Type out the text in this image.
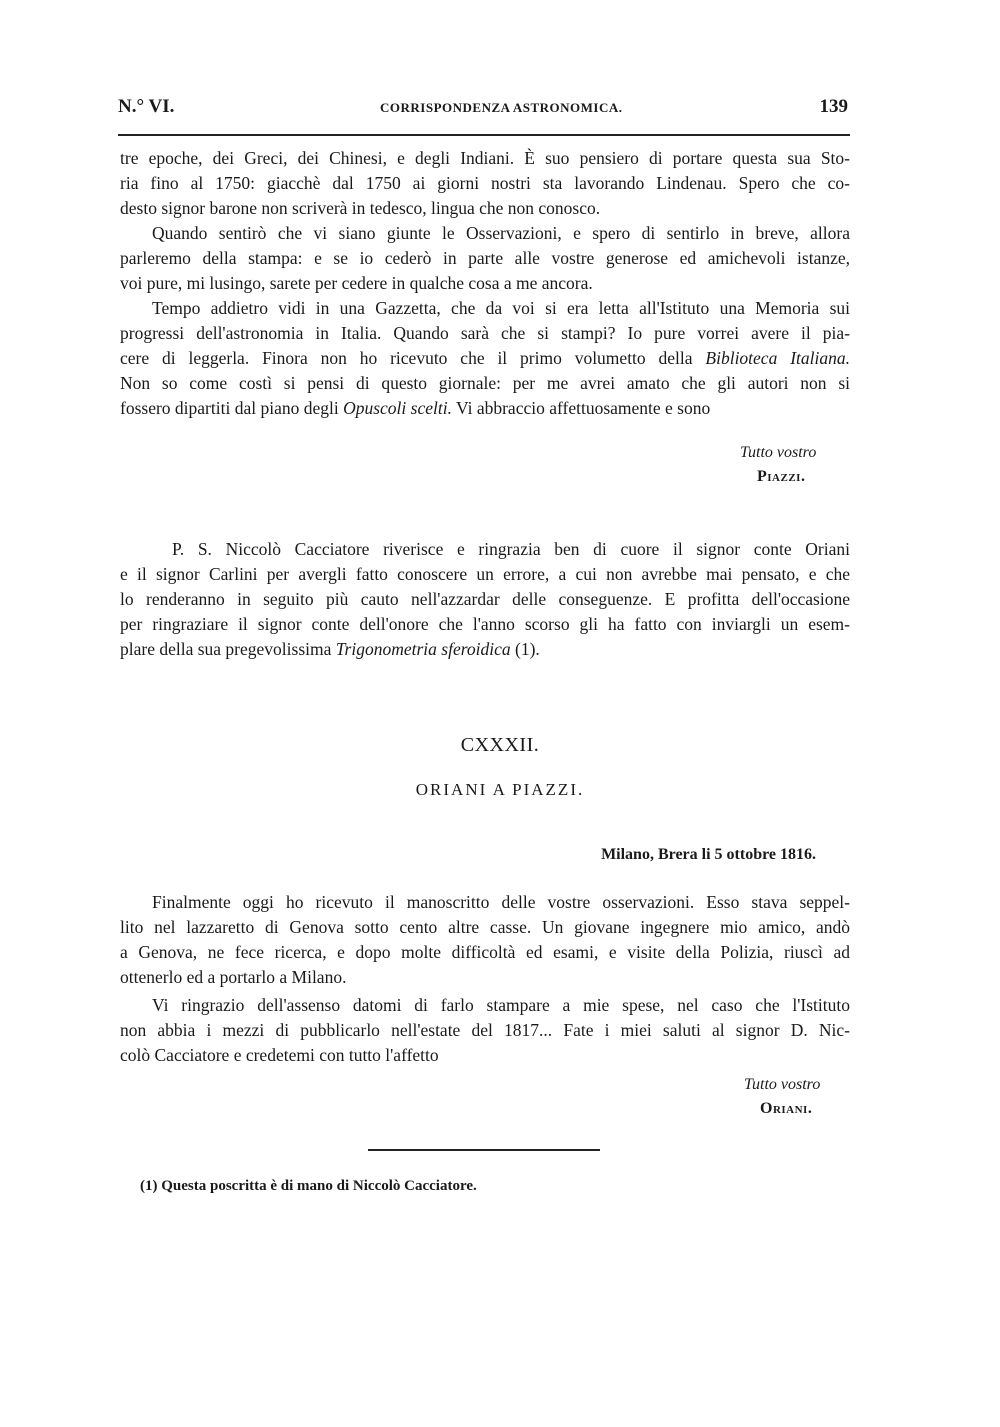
N.° VI.	CORRISPONDENZA ASTRONOMICA.	139

tre epoche, dei Greci, dei Chinesi, e degli Indiani. È suo pensiero di portare questa sua Sto-
ria fino al 1750: giacchè dal 1750 ai giorni nostri sta lavorando Lindenau. Spero che co-
desto signor barone non scriverà in tedesco, lingua che non conosco.

Quando sentirò che vi siano giunte le Osservazioni, e spero di sentirlo in breve, allora
parleremo della stampa: e se io cederò in parte alle vostre generose ed amichevoli istanze,
voi pure, mi lusingo, sarete per cedere in qualche cosa a me ancora.

Tempo addietro vidi in una Gazzetta, che da voi si era letta all'Istituto una Memoria sui
progressi dell'astronomia in Italia. Quando sarà che si stampi? Io pure vorrei avere il pia-
cere di leggerla. Finora non ho ricevuto che il primo volumetto della Biblioteca Italiana.
Non so come costì si pensi di questo giornale: per me avrei amato che gli autori non si
fossero dipartiti dal piano degli Opuscoli scelti. Vi abbraccio affettuosamente e sono

Tutto vostro
Piazzi.

P. S. Niccolò Cacciatore riverisce e ringrazia ben di cuore il signor conte Oriani
e il signor Carlini per avergli fatto conoscere un errore, a cui non avrebbe mai pensato, e che
lo renderanno in seguito più cauto nell'azzardar delle conseguenze. E profitta dell'occasione
per ringraziare il signor conte dell'onore che l'anno scorso gli ha fatto con inviargli un esem-
plare della sua pregevolissima Trigonometria sferoidica (1).

CXXXII.
ORIANI A PIAZZI.
Milano, Brera li 5 ottobre 1816.

Finalmente oggi ho ricevuto il manoscritto delle vostre osservazioni. Esso stava seppel-
lito nel lazzaretto di Genova sotto cento altre casse. Un giovane ingegnere mio amico, andò
a Genova, ne fece ricerca, e dopo molte difficoltà ed esami, e visite della Polizia, riuscì ad
ottenerlo ed a portarlo a Milano.

Vi ringrazio dell'assenso datomi di farlo stampare a mie spese, nel caso che l'Istituto
non abbia i mezzi di pubblicarlo nell'estate del 1817... Fate i miei saluti al signor D. Nic-
colò Cacciatore e credetemi con tutto l'affetto

Tutto vostro
Oriani.
(1) Questa poscritta è di mano di Niccolò Cacciatore.
